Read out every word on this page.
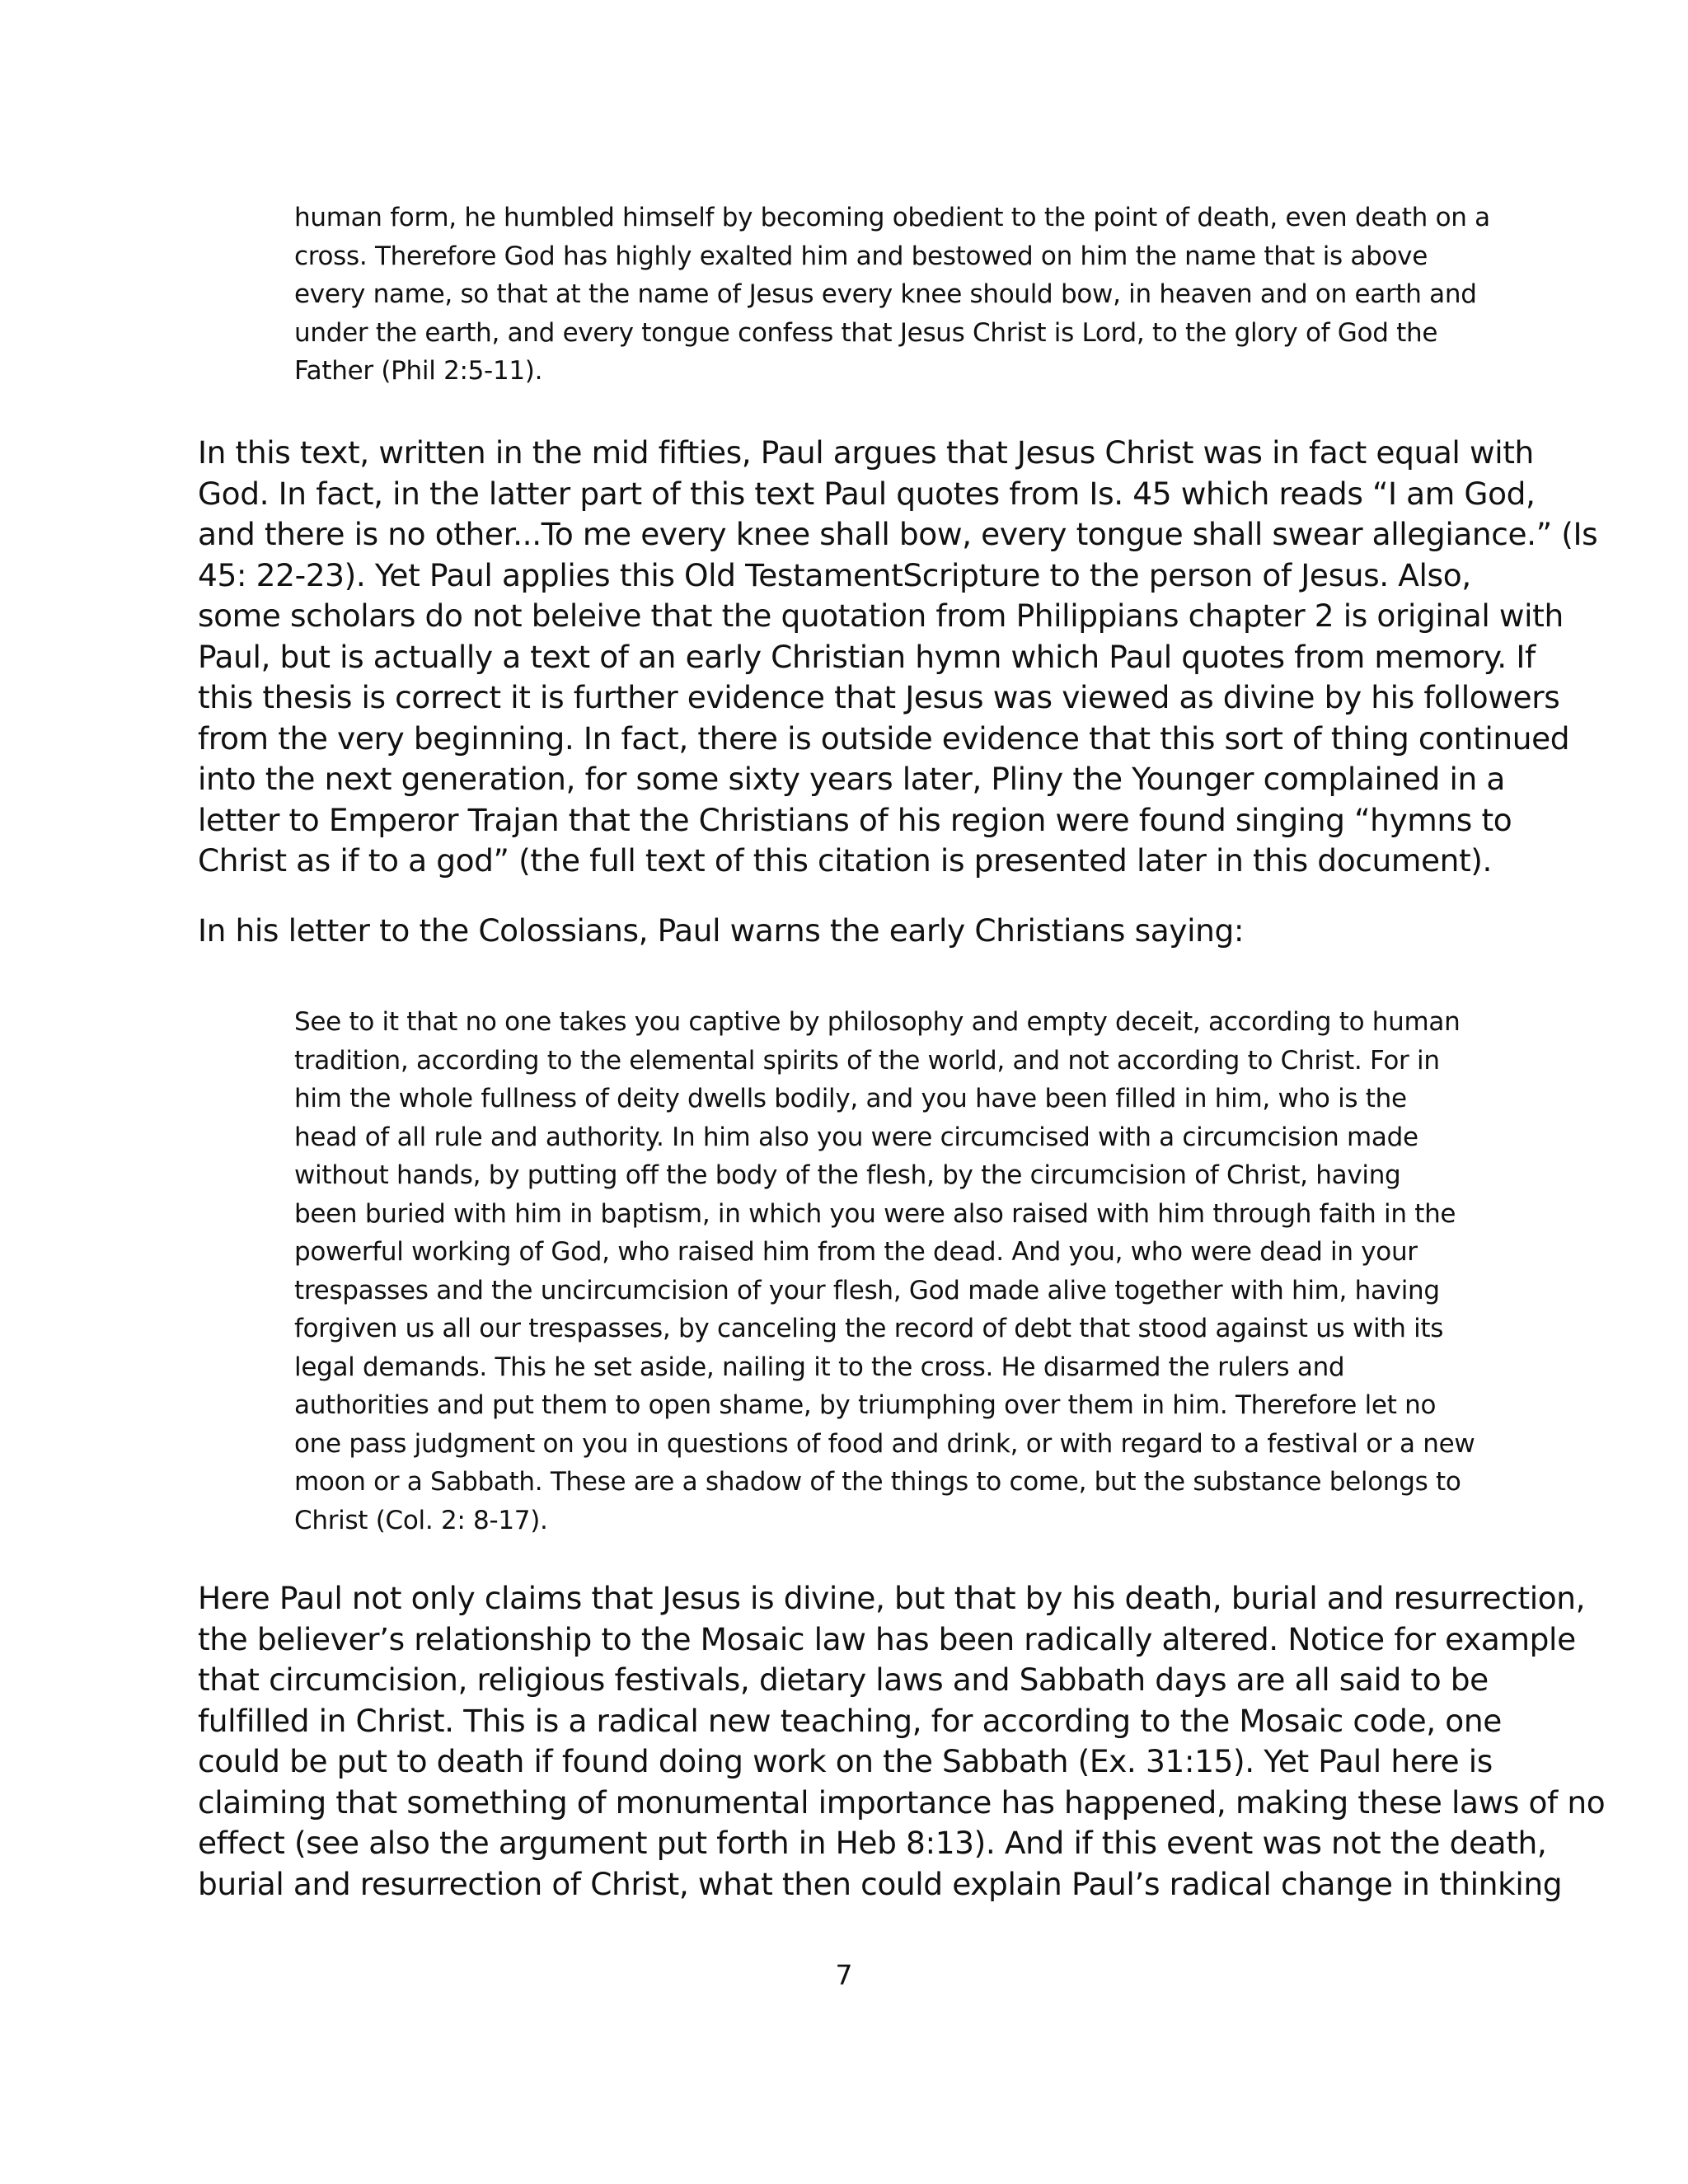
human form, he humbled himself by becoming obedient to the point of death, even death on a
cross. Therefore God has highly exalted him and bestowed on him the name that is above
every name, so that at the name of Jesus every knee should bow, in heaven and on earth and
under the earth, and every tongue confess that Jesus Christ is Lord, to the glory of God the
Father (Phil 2:5-11).
In this text, written in the mid fifties, Paul argues that Jesus Christ was in fact equal with
God. In fact, in the latter part of this text Paul quotes from Is. 45 which reads “I am God,
and there is no other...To me every knee shall bow, every tongue shall swear allegiance.” (Is
45: 22-23). Yet Paul applies this Old TestamentScripture to the person of Jesus. Also,
some scholars do not beleive that the quotation from Philippians chapter 2 is original with
Paul, but is actually a text of an early Christian hymn which Paul quotes from memory. If
this thesis is correct it is further evidence that Jesus was viewed as divine by his followers
from the very beginning. In fact, there is outside evidence that this sort of thing continued
into the next generation, for some sixty years later, Pliny the Younger complained in a
letter to Emperor Trajan that the Christians of his region were found singing “hymns to
Christ as if to a god” (the full text of this citation is presented later in this document).
In his letter to the Colossians, Paul warns the early Christians saying:
See to it that no one takes you captive by philosophy and empty deceit, according to human
tradition, according to the elemental spirits of the world, and not according to Christ. For in
him the whole fullness of deity dwells bodily, and you have been filled in him, who is the
head of all rule and authority. In him also you were circumcised with a circumcision made
without hands, by putting off the body of the flesh, by the circumcision of Christ, having
been buried with him in baptism, in which you were also raised with him through faith in the
powerful working of God, who raised him from the dead. And you, who were dead in your
trespasses and the uncircumcision of your flesh, God made alive together with him, having
forgiven us all our trespasses, by canceling the record of debt that stood against us with its
legal demands. This he set aside, nailing it to the cross. He disarmed the rulers and
authorities and put them to open shame, by triumphing over them in him. Therefore let no
one pass judgment on you in questions of food and drink, or with regard to a festival or a new
moon or a Sabbath. These are a shadow of the things to come, but the substance belongs to
Christ (Col. 2: 8-17).
Here Paul not only claims that Jesus is divine, but that by his death, burial and resurrection,
the believer’s relationship to the Mosaic law has been radically altered. Notice for example
that circumcision, religious festivals, dietary laws and Sabbath days are all said to be
fulfilled in Christ. This is a radical new teaching, for according to the Mosaic code, one
could be put to death if found doing work on the Sabbath (Ex. 31:15). Yet Paul here is
claiming that something of monumental importance has happened, making these laws of no
effect (see also the argument put forth in Heb 8:13). And if this event was not the death,
burial and resurrection of Christ, what then could explain Paul’s radical change in thinking
7
